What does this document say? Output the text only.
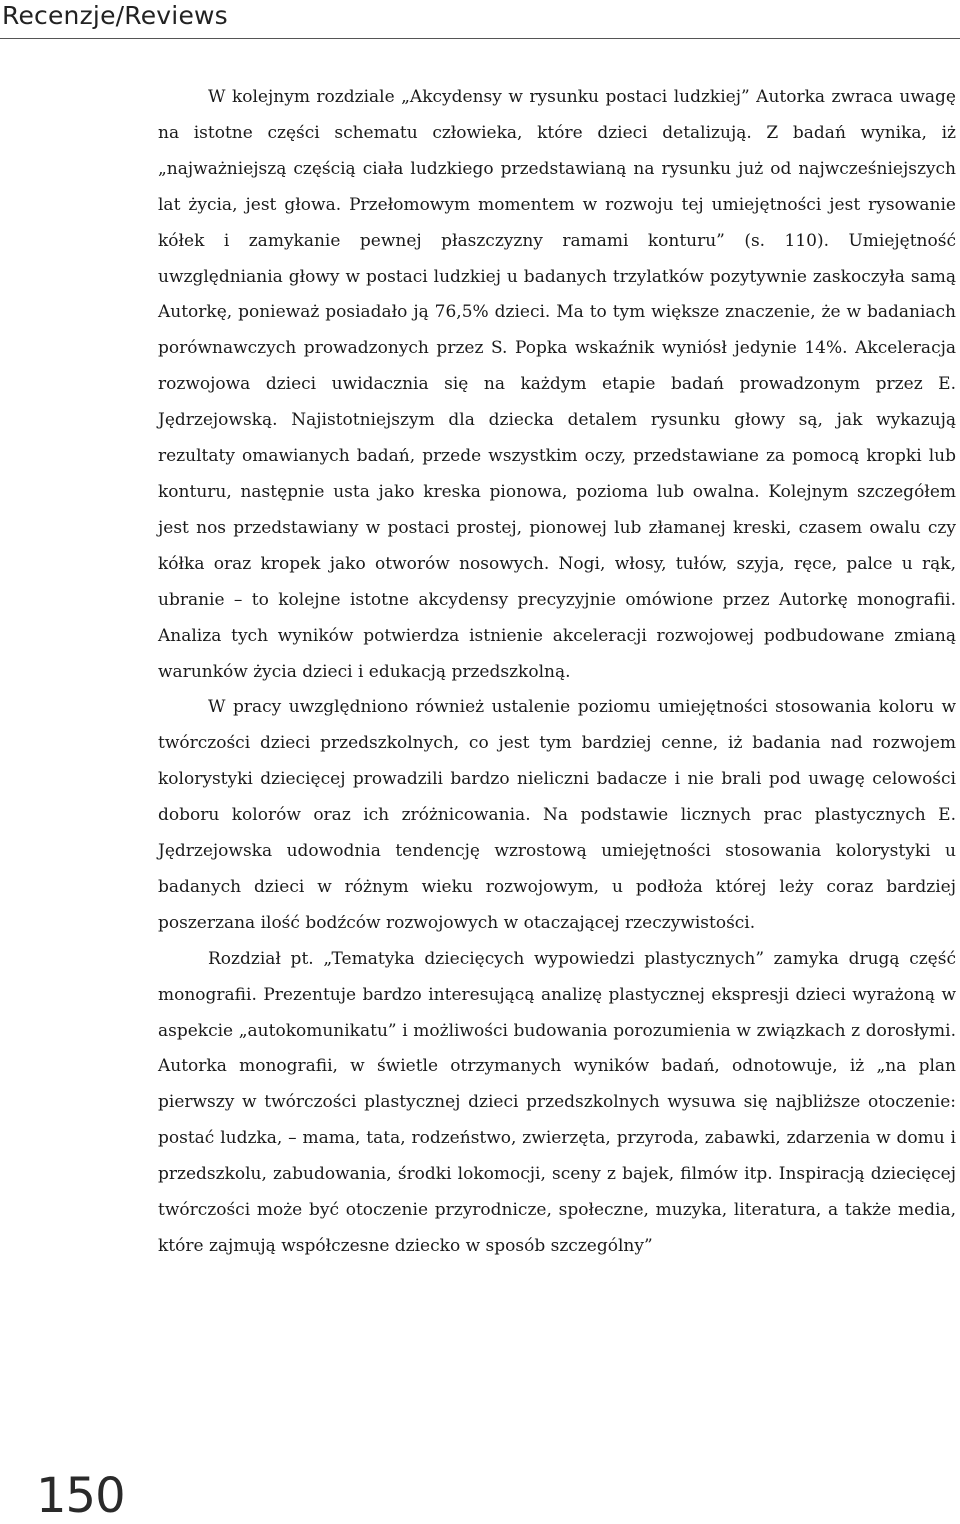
Recenzje/Reviews

W kolejnym rozdziale „Akcydensy w rysunku postaci ludzkiej” Autorka zwraca uwagę na istotne części schematu człowieka, które dzieci detalizują. Z badań wynika, iż „najważniejszą częścią ciała ludzkiego przedstawianą na rysunku już od najwcześniejszych lat życia, jest głowa. Przełomowym momentem w rozwoju tej umiejętności jest rysowanie kółek i zamykanie pewnej płaszczyzny ramami konturu” (s. 110). Umiejętność uwzględniania głowy w postaci ludzkiej u badanych trzylatków pozytywnie zaskoczyła samą Autorkę, ponieważ posiadało ją 76,5% dzieci. Ma to tym większe znaczenie, że w badaniach porównawczych prowadzonych przez S. Popka wskaźnik wyniósł jedynie 14%. Akceleracja rozwojowa dzieci uwidacznia się na każdym etapie badań prowadzonym przez E. Jędrzejowską. Najistotniejszym dla dziecka detalem rysunku głowy są, jak wykazują rezultaty omawianych badań, przede wszystkim oczy, przedstawiane za pomocą kropki lub konturu, następnie usta jako kreska pionowa, pozioma lub owalna. Kolejnym szczegółem jest nos przedstawiany w postaci prostej, pionowej lub złamanej kreski, czasem owalu czy kółka oraz kropek jako otworów nosowych. Nogi, włosy, tułów, szyja, ręce, palce u rąk, ubranie – to kolejne istotne akcydensy precyzyjnie omówione przez Autorkę monografii. Analiza tych wyników potwierdza istnienie akceleracji rozwojowej podbudowane zmianą warunków życia dzieci i edukacją przedszkolną.

W pracy uwzględniono również ustalenie poziomu umiejętności stosowania koloru w twórczości dzieci przedszkolnych, co jest tym bardziej cenne, iż badania nad rozwojem kolorystyki dziecięcej prowadzili bardzo nieliczni badacze i nie brali pod uwagę celowości doboru kolorów oraz ich zróżnicowania. Na podstawie licznych prac plastycznych E. Jędrzejowska udowodnia tendencję wzrostową umiejętności stosowania kolorystyki u badanych dzieci w różnym wieku rozwojowym, u podłoża której leży coraz bardziej poszerzana ilość bodźców rozwojowych w otaczającej rzeczywistości.

Rozdział pt. „Tematyka dziecięcych wypowiedzi plastycznych” zamyka drugą część monografii. Prezentuje bardzo interesującą analizę plastycznej ekspresji dzieci wyrażoną w aspekcie „autokomunikatu” i możliwości budowania porozumienia w związkach z dorosłymi. Autorka monografii, w świetle otrzymanych wyników badań, odnotowuje, iż „na plan pierwszy w twórczości plastycznej dzieci przedszkolnych wysuwa się najbliższe otoczenie: postać ludzka, – mama, tata, rodzeństwo, zwierzęta, przyroda, zabawki, zdarzenia w domu i przedszkolu, zabudowania, środki lokomocji, sceny z bajek, filmów itp. Inspiracją dziecięcej twórczości może być otoczenie przyrodnicze, społeczne, muzyka, literatura, a także media, które zajmują współczesne dziecko w sposób szczególny”

150
